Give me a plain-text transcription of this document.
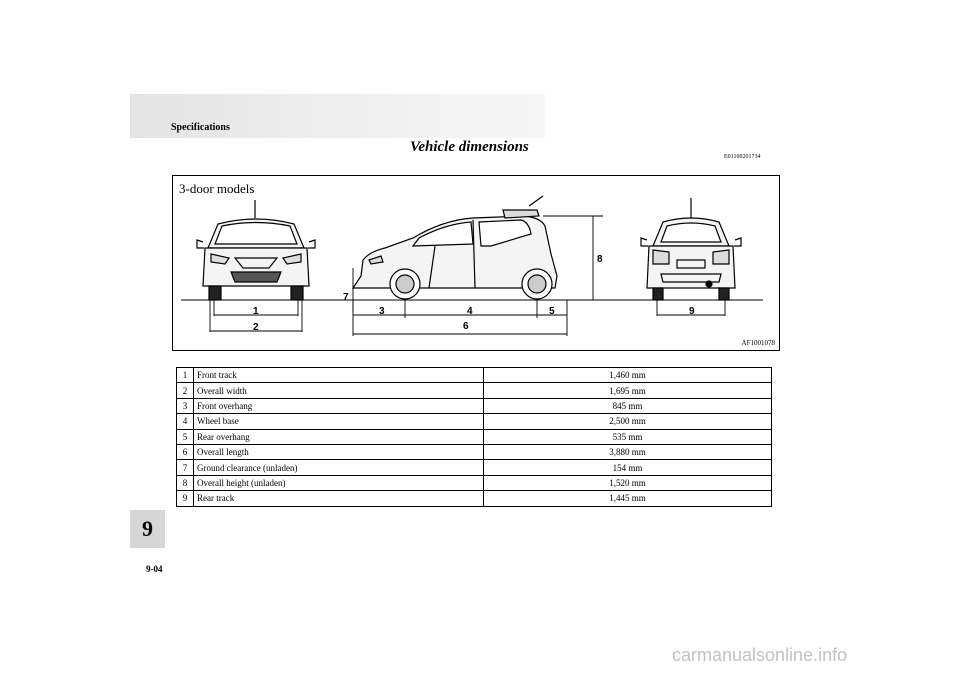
Specifications
Vehicle dimensions
E01100201734
1
2
3	4	5
6
7
8
9
3-door models
AF1001078
1	Front track	1,460 mm
2	Overall width	1,695 mm
3	Front overhang	845 mm
4	Wheel base	2,500 mm
5	Rear overhang	535 mm
6	Overall length	3,880 mm
7	Ground clearance (unladen)	154 mm
8	Overall height (unladen)	1,520 mm
9	Rear track	1,445 mm
9
9-04
carmanualsonline.info
